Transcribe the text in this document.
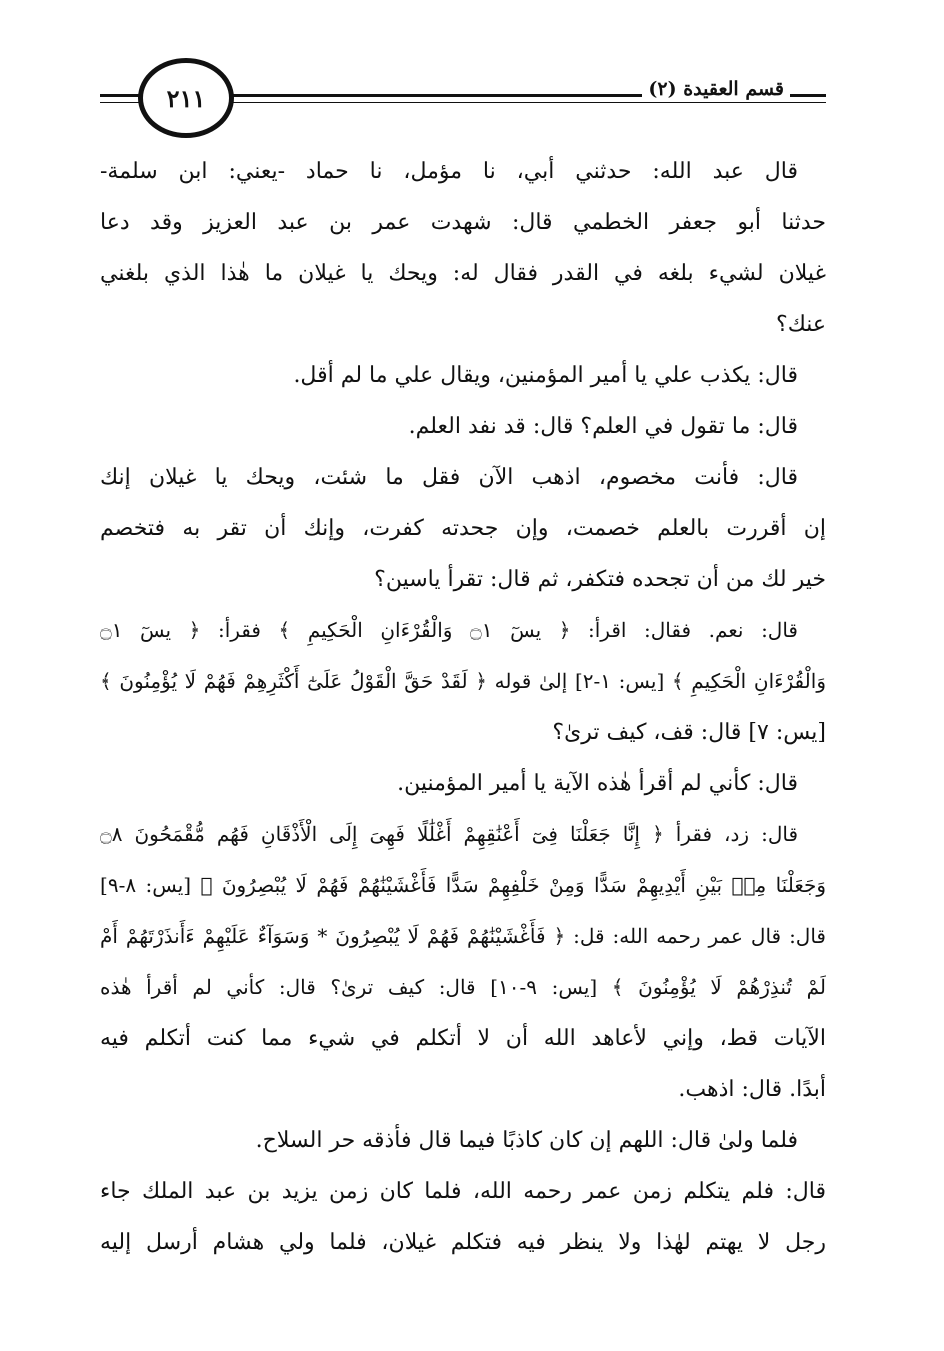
٢١١	قسم العقيدة (٢)
قال عبد الله: حدثني أبي، نا مؤمل، نا حماد -يعني: ابن سلمة-
حدثنا أبو جعفر الخطمي قال: شهدت عمر بن عبد العزيز وقد دعا
غيلان لشيء بلغه في القدر فقال له: ويحك يا غيلان ما هٰذا الذي بلغني
عنك؟
قال: يكذب علي يا أمير المؤمنين، ويقال علي ما لم أقل.
قال: ما تقول في العلم؟ قال: قد نفد العلم.
قال: فأنت مخصوم، اذهب الآن فقل ما شئت، ويحك يا غيلان إنك
إن أقررت بالعلم خصمت، وإن جحدته كفرت، وإنك أن تقر به فتخصم
خير لك من أن تجحده فتكفر، ثم قال: تقرأ ياسين؟
قال: نعم. فقال: اقرأ: ﴿ يسٓ ۝١ وَالْقُرْءَانِ الْحَكِيمِ ﴾ فقرأ: ﴿ يسٓ ۝١
وَالْقُرْءَانِ الْحَكِيمِ ﴾ [يس: ١-٢] إلىٰ قوله ﴿ لَقَدْ حَقَّ الْقَوْلُ عَلَىٰٓ أَكْثَرِهِمْ فَهُمْ لَا يُؤْمِنُونَ ﴾
[يس: ٧] قال: قف، كيف ترىٰ؟
قال: كأني لم أقرأ هٰذه الآية يا أمير المؤمنين.
قال: زد، فقرأ ﴿ إِنَّا جَعَلْنَا فِىٓ أَعْنَٰقِهِمْ أَغْلَٰلًا فَهِىَ إِلَى الْأَذْقَانِ فَهُم مُّقْمَحُونَ ۝٨
وَجَعَلْنَا مِنۢ بَيْنِ أَيْدِيهِمْ سَدًّا وَمِنْ خَلْفِهِمْ سَدًّا فَأَغْشَيْنَٰهُمْ فَهُمْ لَا يُبْصِرُونَ ﴾ [يس: ٨-٩]
قال: قال عمر رحمه الله: قل: ﴿ فَأَغْشَيْنَٰهُمْ فَهُمْ لَا يُبْصِرُونَ * وَسَوَآءٌ عَلَيْهِمْ ءَأَنذَرْتَهُمْ أَمْ
لَمْ تُنذِرْهُمْ لَا يُؤْمِنُونَ ﴾ [يس: ٩-١٠] قال: كيف ترىٰ؟ قال: كأني لم أقرأ هٰذه
الآيات قط، وإني لأعاهد الله أن لا أتكلم في شيء مما كنت أتكلم فيه
أبدًا. قال: اذهب.
فلما ولىٰ قال: اللهم إن كان كاذبًا فيما قال فأذقه حر السلاح.
قال: فلم يتكلم زمن عمر رحمه الله، فلما كان زمن يزيد بن عبد الملك جاء
رجل لا يهتم لهٰذا ولا ينظر فيه فتكلم غيلان، فلما ولي هشام أرسل إليه
